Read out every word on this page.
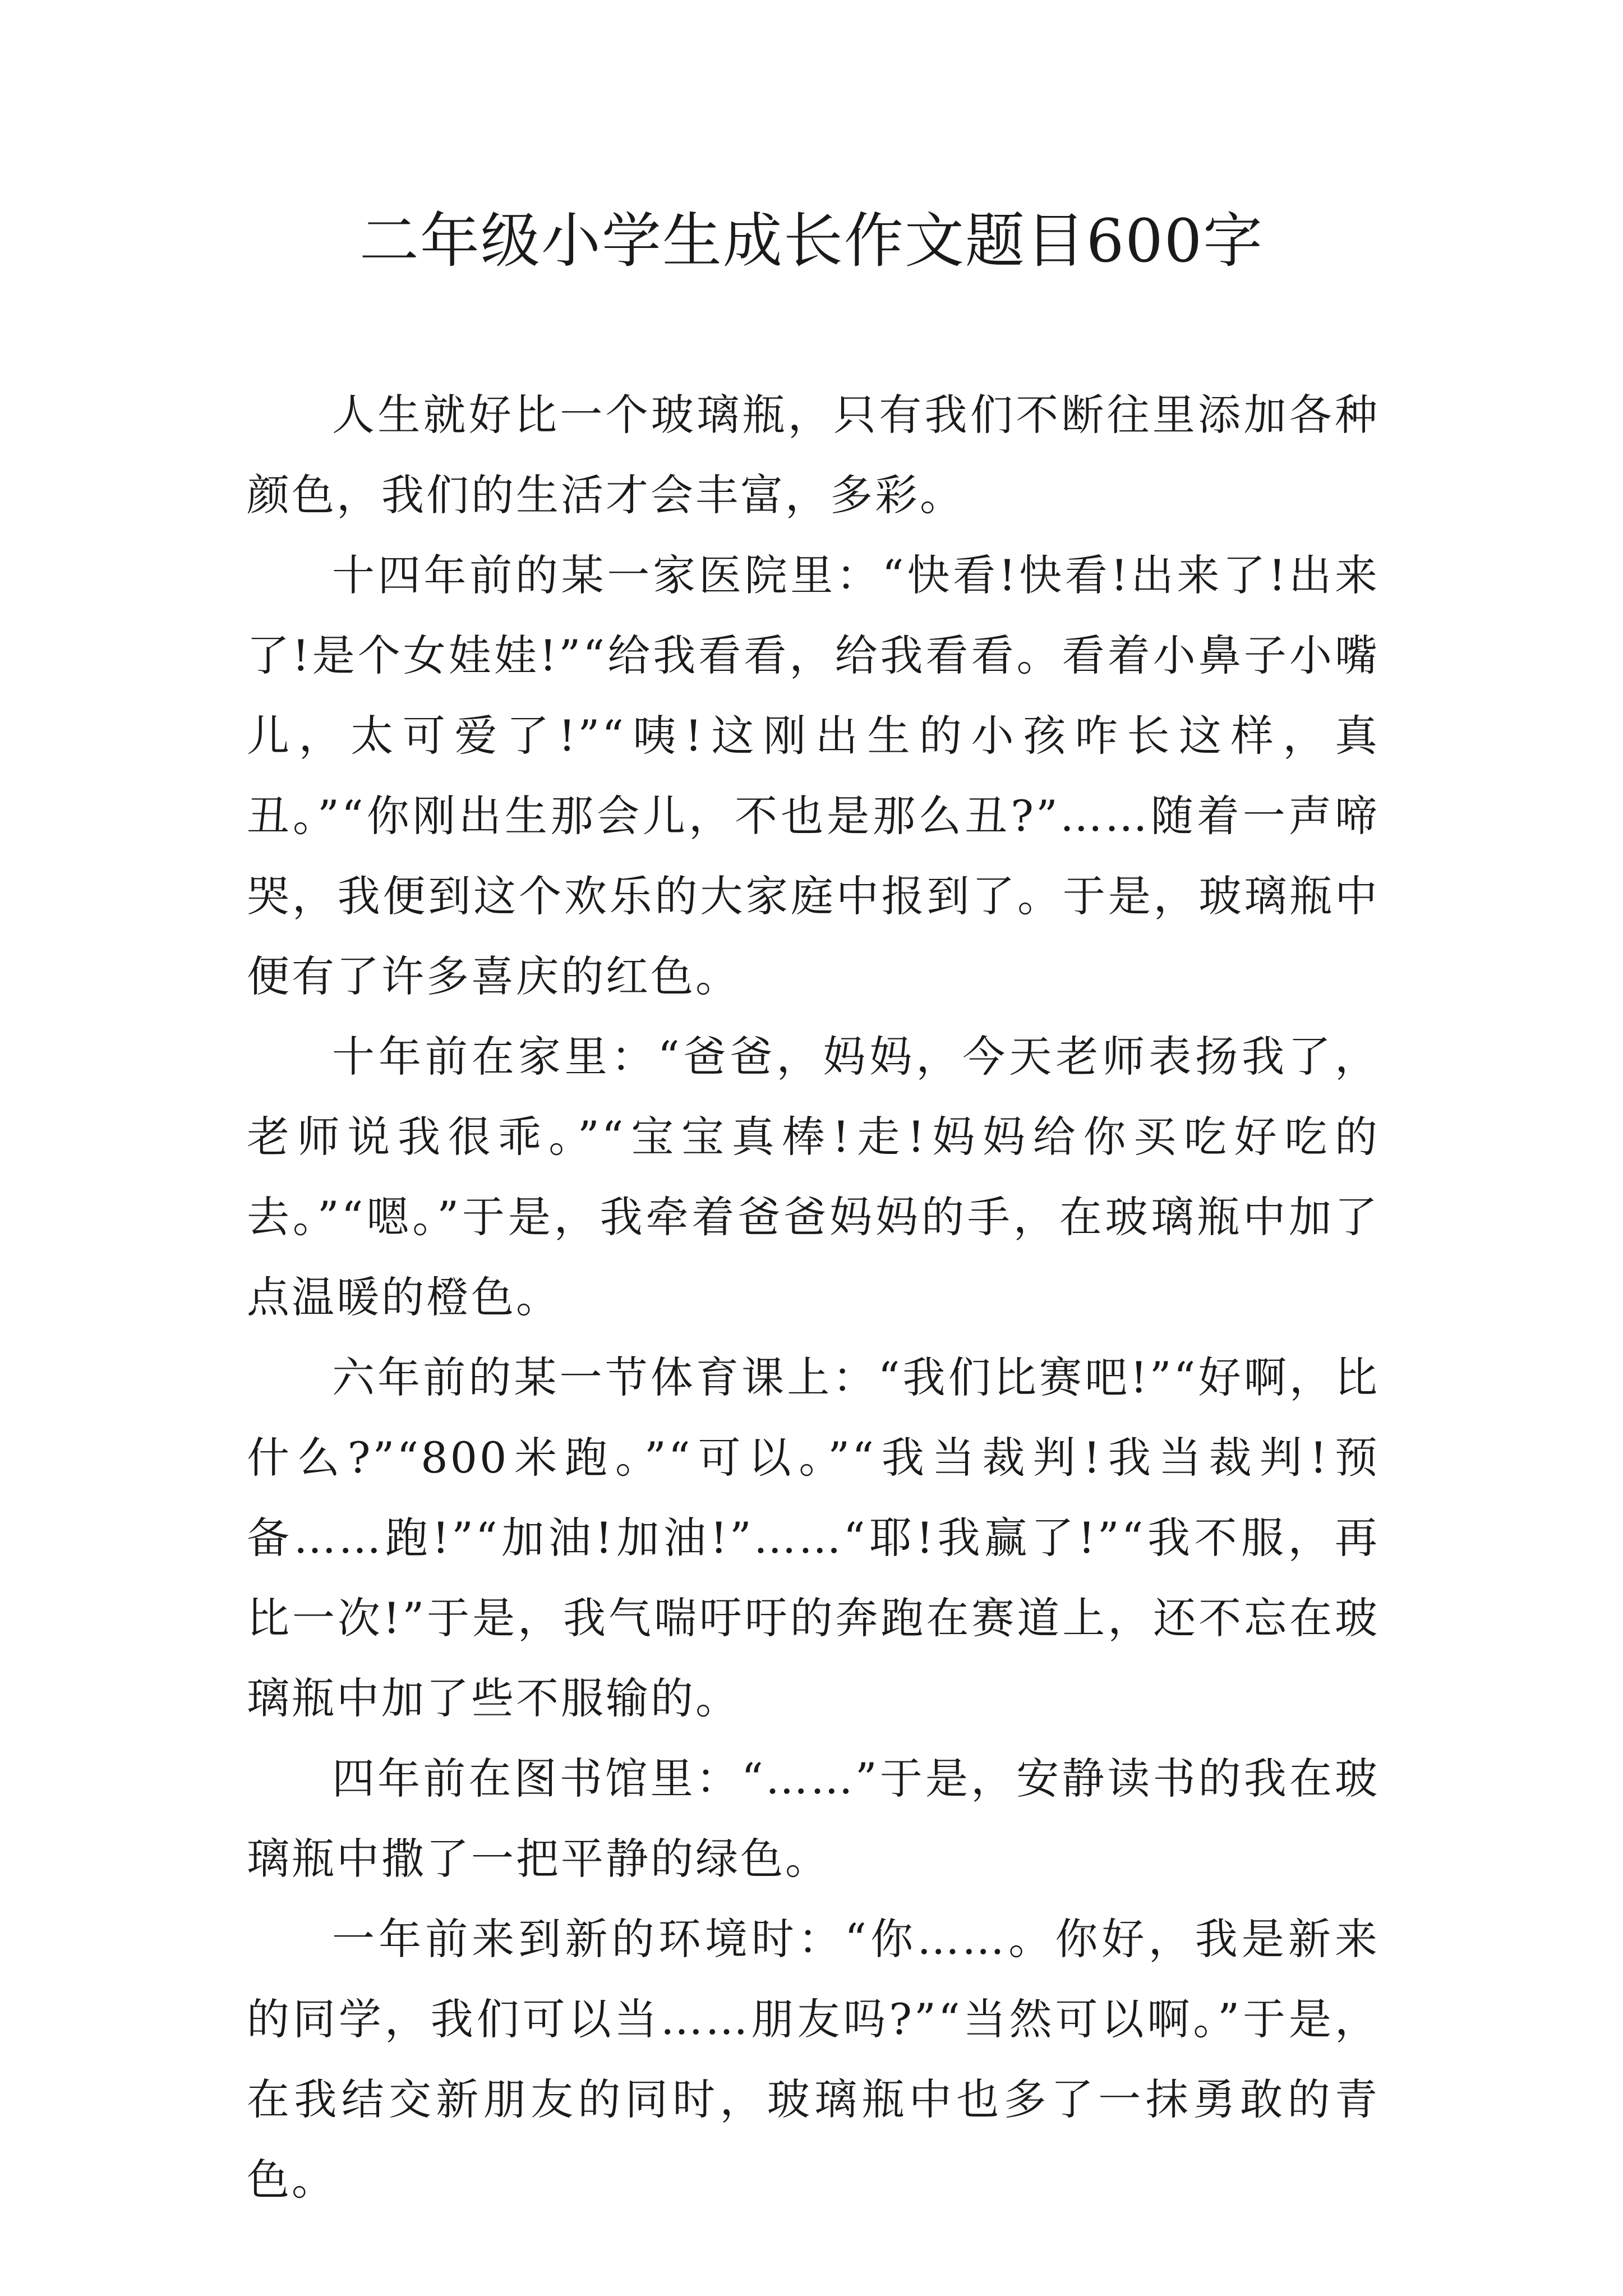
二年级小学生成长作文题目600字

人生就好比一个玻璃瓶，只有我们不断往里添加各种颜色，我们的生活才会丰富，多彩。

十四年前的某一家医院里：“快看!快看!出来了!出来了!是个女娃娃!”“给我看看，给我看看。看着小鼻子小嘴儿，太可爱了!”“咦!这刚出生的小孩咋长这样，真丑。”“你刚出生那会儿，不也是那么丑?”……随着一声啼哭，我便到这个欢乐的大家庭中报到了。于是，玻璃瓶中便有了许多喜庆的红色。

十年前在家里：“爸爸，妈妈，今天老师表扬我了，老师说我很乖。”“宝宝真棒!走!妈妈给你买吃好吃的去。”“嗯。”于是，我牵着爸爸妈妈的手，在玻璃瓶中加了点温暖的橙色。

六年前的某一节体育课上：“我们比赛吧!”“好啊，比什么?”“800米跑。”“可以。”“我当裁判!我当裁判!预备……跑!”“加油!加油!”……“耶!我赢了!”“我不服，再比一次!”于是，我气喘吁吁的奔跑在赛道上，还不忘在玻璃瓶中加了些不服输的。

四年前在图书馆里：“……”于是，安静读书的我在玻璃瓶中撒了一把平静的绿色。

一年前来到新的环境时：“你……。你好，我是新来的同学，我们可以当……朋友吗?”“当然可以啊。”于是，在我结交新朋友的同时，玻璃瓶中也多了一抹勇敢的青色。
